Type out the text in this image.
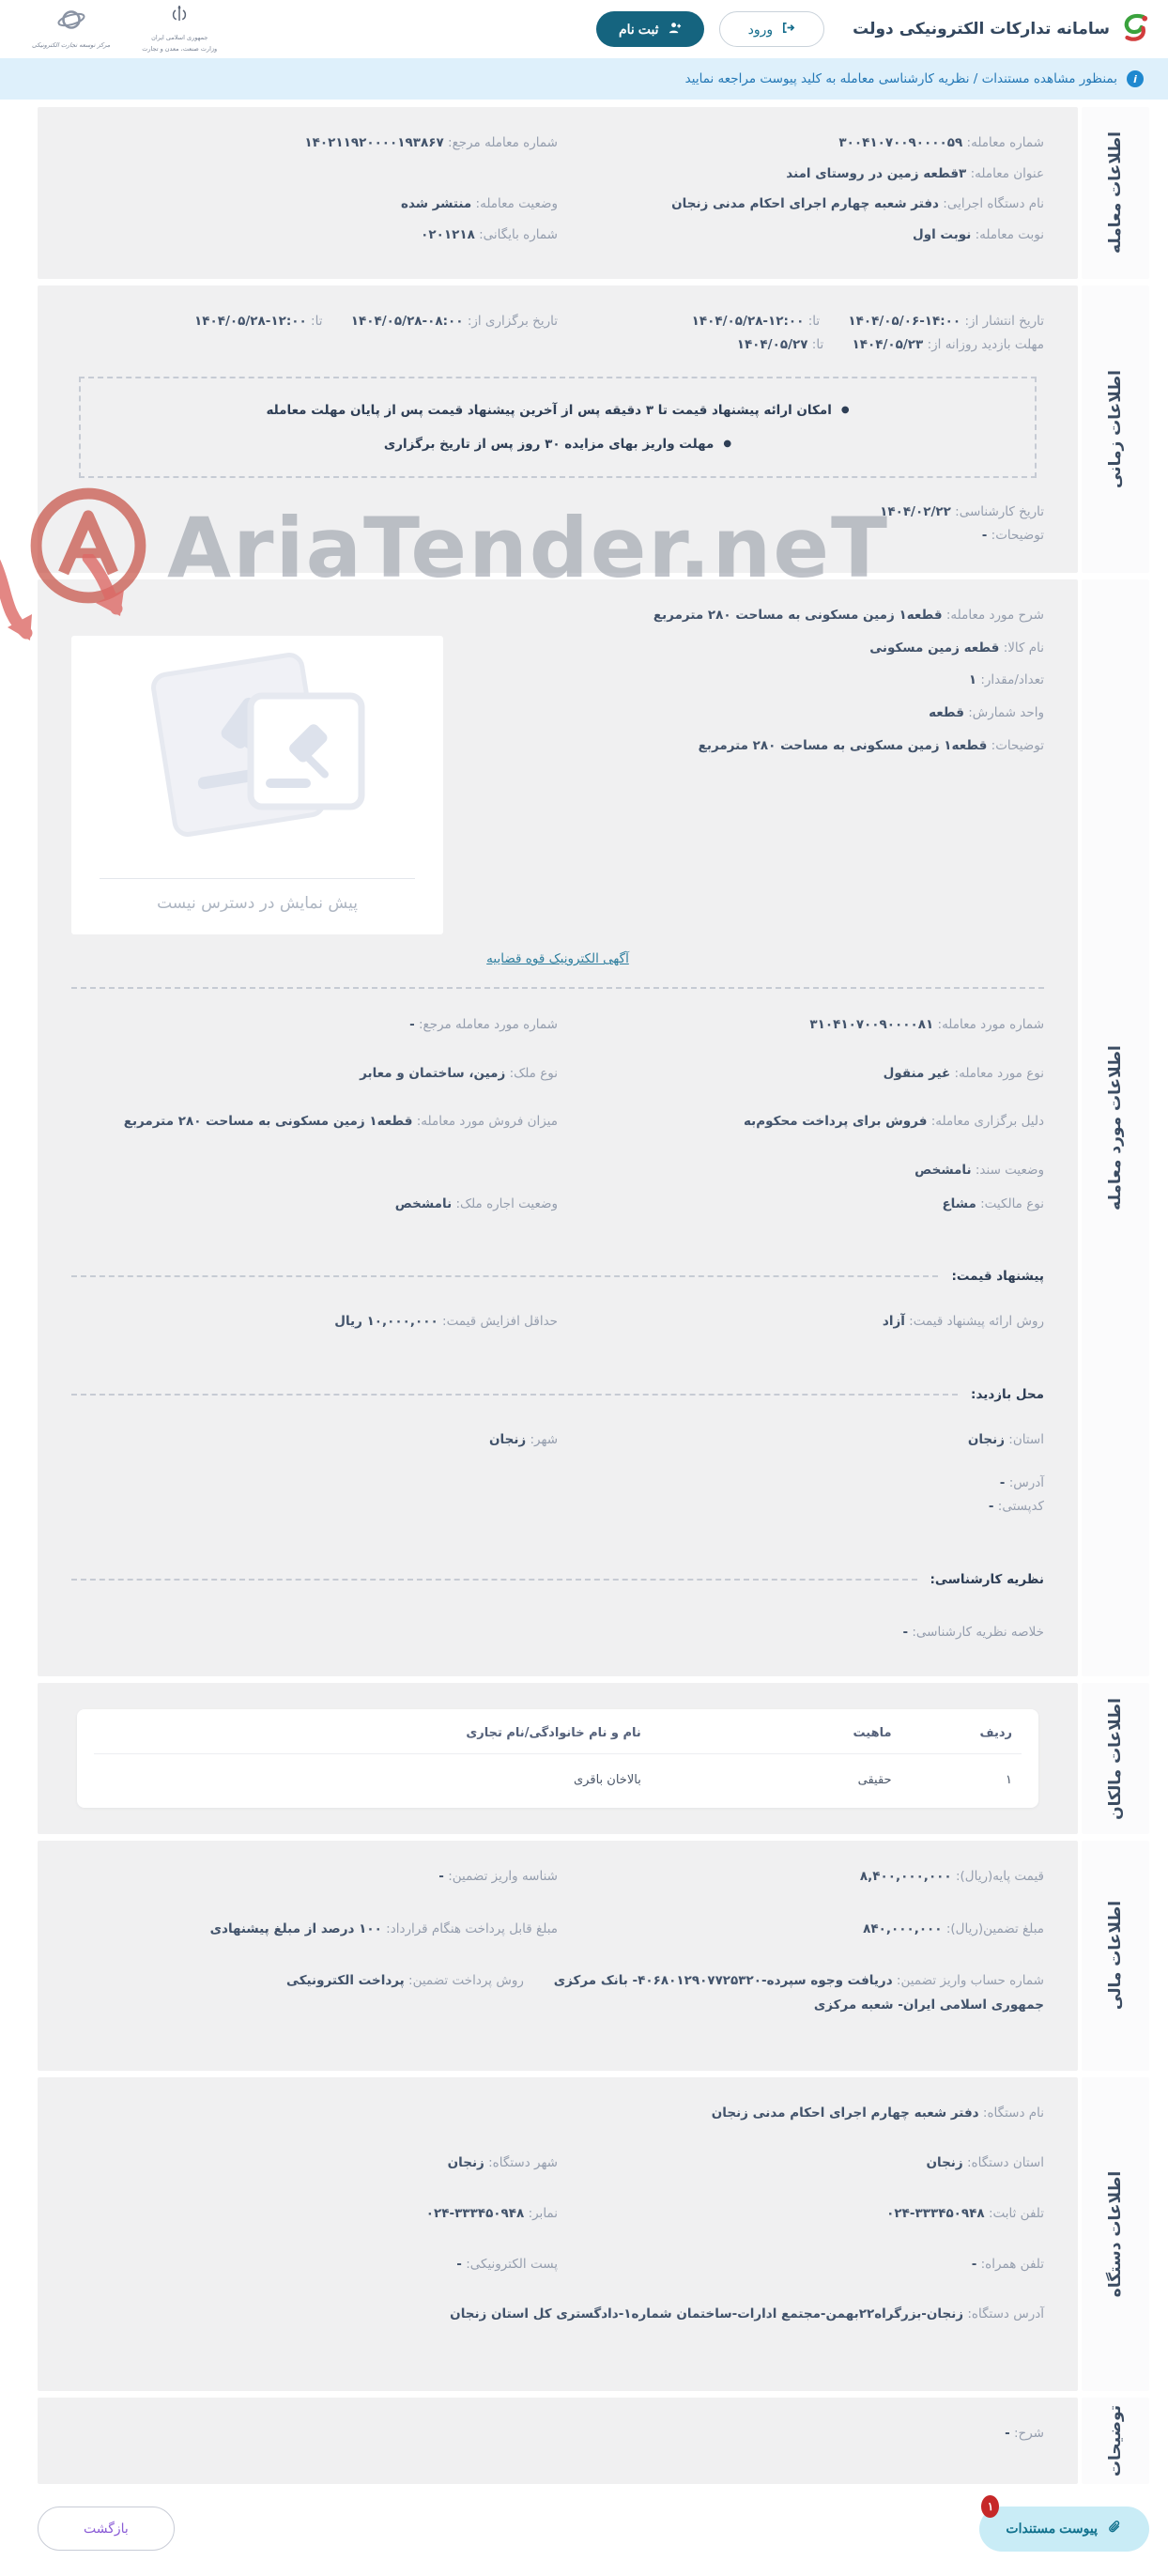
سامانه تدارکات الکترونیکی دولت
ورود
ثبت نام
جمهوری اسلامی ایران
وزارت صنعت، معدن و تجارت
مرکز توسعه تجارت الکترونیکی
i
بمنظور مشاهده مستندات / نظریه کارشناسی معامله به کلید پیوست مراجعه نمایید
AriaTender.neT
اطلاعات معامله
شماره معامله: ۳۰۰۴۱۰۷۰۰۹۰۰۰۰۵۹
شماره معامله مرجع: ۱۴۰۲۱۱۹۲۰۰۰۰۱۹۳۸۶۷
عنوان معامله: ۳قطعه زمین در روستای امند
نام دستگاه اجرایی: دفتر شعبه چهارم اجرای احکام مدنی زنجان
وضعیت معامله: منتشر شده
نوبت معامله: نوبت اول
شماره بایگانی: ۰۲۰۱۲۱۸
اطلاعات زمانی
تاریخ انتشار از: ۱۴۰۴/۰۵/۰۶-۱۴:۰۰ تا: ۱۴۰۴/۰۵/۲۸-۱۲:۰۰
تاریخ برگزاری از: ۱۴۰۴/۰۵/۲۸-۰۸:۰۰ تا: ۱۴۰۴/۰۵/۲۸-۱۲:۰۰
مهلت بازدید روزانه از: ۱۴۰۴/۰۵/۲۳ تا: ۱۴۰۴/۰۵/۲۷
●
امکان ارائه پیشنهاد قیمت تا ۳ دقیقه پس از آخرین پیشنهاد قیمت پس از پایان مهلت معامله
●
مهلت واریز بهای مزایده ۳۰ روز پس از تاریخ برگزاری
تاریخ کارشناسی: ۱۴۰۴/۰۲/۲۲
توضیحات: -
اطلاعات مورد معامله
شرح مورد معامله: قطعه۱ زمین مسکونی به مساحت ۲۸۰ مترمربع
نام کالا: قطعه زمین مسکونی
تعداد/مقدار: ۱
واحد شمارش: قطعه
توضیحات: قطعه۱ زمین مسکونی به مساحت ۲۸۰ مترمربع
پیش نمایش در دسترس نیست
آگهی الکترونیک قوه قضاییه
شماره مورد معامله: ۳۱۰۴۱۰۷۰۰۹۰۰۰۰۸۱
شماره مورد معامله مرجع: -
نوع مورد معامله: غیر منقول
نوع ملک: زمین، ساختمان و معابر
دلیل برگزاری معامله: فروش برای پرداخت محکوم‌به
میزان فروش مورد معامله: قطعه۱ زمین مسکونی به مساحت ۲۸۰ مترمربع
وضعیت سند: نامشخص
نوع مالکیت: مشاع
وضعیت اجاره ملک: نامشخص
پیشنهاد قیمت:
روش ارائه پیشنهاد قیمت: آزاد
حداقل افزایش قیمت: ۱۰,۰۰۰,۰۰۰ ریال
محل بازدید:
استان: زنجان
شهر: زنجان
آدرس: -
کدپستی: -
نظریه کارشناسی:
خلاصه نظریه کارشناسی: -
اطلاعات مالکان
ردیف	ماهیت	نام و نام خانوادگی/نام تجاری
۱	حقیقی	بالاخان باقری
اطلاعات مالی
قیمت پایه(ریال): ۸,۴۰۰,۰۰۰,۰۰۰
شناسه واریز تضمین: -
مبلغ تضمین(ریال): ۸۴۰,۰۰۰,۰۰۰
مبلغ قابل پرداخت هنگام قرارداد: ۱۰۰ درصد از مبلغ پیشنهادی
شماره حساب واریز تضمین: دریافت وجوه سپرده-۴۰۶۸۰۱۲۹۰۷۷۲۵۳۲۰- بانک مرکزی جمهوری اسلامی ایران- شعبه مرکزی
روش پرداخت تضمین: پرداخت الکترونیکی
اطلاعات دستگاه
نام دستگاه: دفتر شعبه چهارم اجرای احکام مدنی زنجان
استان دستگاه: زنجان
شهر دستگاه: زنجان
تلفن ثابت: ۰۲۴-۳۳۳۴۵۰۹۴۸
نمابر: ۰۲۴-۳۳۳۴۵۰۹۴۸
تلفن همراه: -
پست الکترونیکی: -
آدرس دستگاه: زنجان-بزرگراه۲۲بهمن-مجتمع ادارات-ساختمان شماره۱-دادگستری کل استان زنجان
توضیحات
شرح: -
۱
پیوست مستندات
بازگشت
